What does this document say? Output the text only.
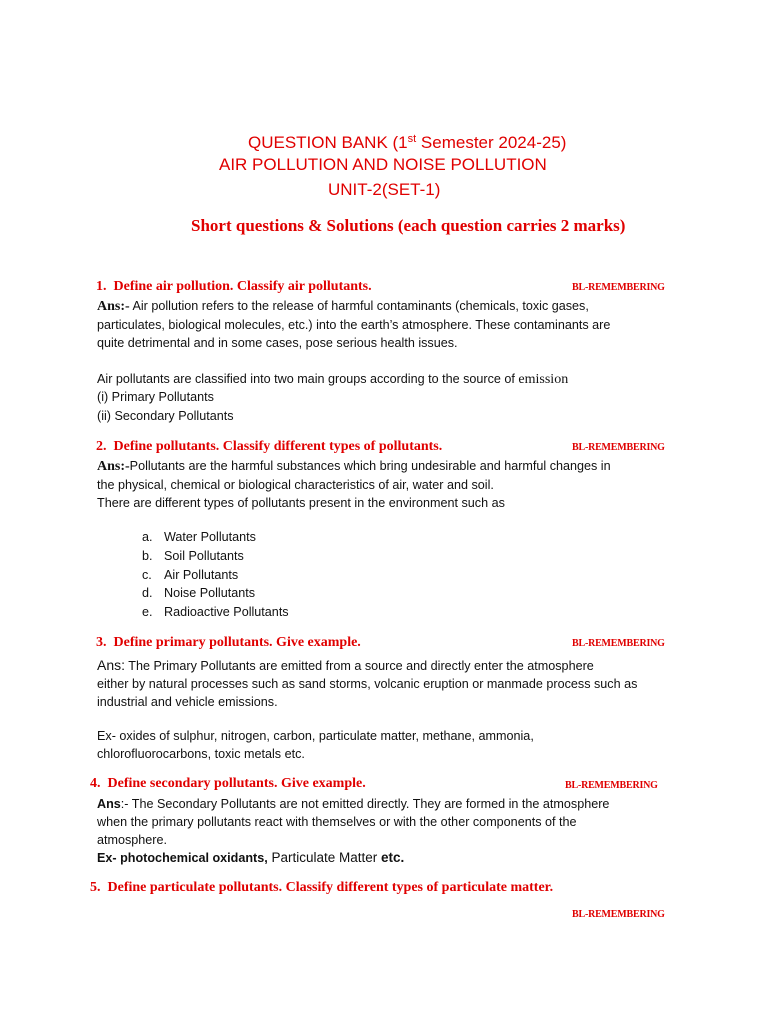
QUESTION BANK (1st Semester 2024-25)
AIR POLLUTION AND NOISE POLLUTION
UNIT-2(SET-1)
Short questions & Solutions (each question carries 2 marks)
1. Define air pollution. Classify air pollutants.	BL-REMEMBERING
Ans:- Air pollution refers to the release of harmful contaminants (chemicals, toxic gases,
particulates, biological molecules, etc.) into the earth’s atmosphere. These contaminants are
quite detrimental and in some cases, pose serious health issues.
Air pollutants are classified into two main groups according to the source of emission
(i) Primary Pollutants
(ii) Secondary Pollutants
2. Define pollutants. Classify different types of pollutants.	BL-REMEMBERING
Ans:-Pollutants are the harmful substances which bring undesirable and harmful changes in
the physical, chemical or biological characteristics of air, water and soil.
There are different types of pollutants present in the environment such as
a. Water Pollutants
b. Soil Pollutants
c. Air Pollutants
d. Noise Pollutants
e. Radioactive Pollutants
3. Define primary pollutants. Give example.	BL-REMEMBERING
Ans: The Primary Pollutants are emitted from a source and directly enter the atmosphere
either by natural processes such as sand storms, volcanic eruption or manmade process such as
industrial and vehicle emissions.
Ex- oxides of sulphur, nitrogen, carbon, particulate matter, methane, ammonia,
chlorofluorocarbons, toxic metals etc.
4. Define secondary pollutants. Give example.	BL-REMEMBERING
Ans:- The Secondary Pollutants are not emitted directly. They are formed in the atmosphere
when the primary pollutants react with themselves or with the other components of the
atmosphere.
Ex- photochemical oxidants, Particulate Matter etc.
5. Define particulate pollutants. Classify different types of particulate matter.
BL-REMEMBERING
